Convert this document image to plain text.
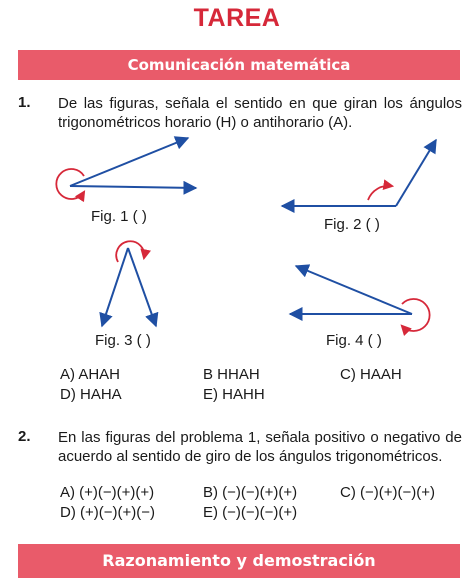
TAREA
Comunicación matemática
1. De las figuras, señala el sentido en que giran los ángulos trigonométricos horario (H) o antihorario (A).
Fig. 1 ( )	Fig. 2 ( )
Fig. 3 ( )	Fig. 4 ( )
A) AHAH	B HHAH	C) HAAH
D) HAHA	E) HAHH
2. En las figuras del problema 1, señala positivo o negativo de acuerdo al sentido de giro de los ángulos trigonométricos.
A) (+)(−)(+)(+)	B) (−)(−)(+)(+)	C) (−)(+)(−)(+)
D) (+)(−)(+)(−)	E) (−)(−)(−)(+)
Razonamiento y demostración
